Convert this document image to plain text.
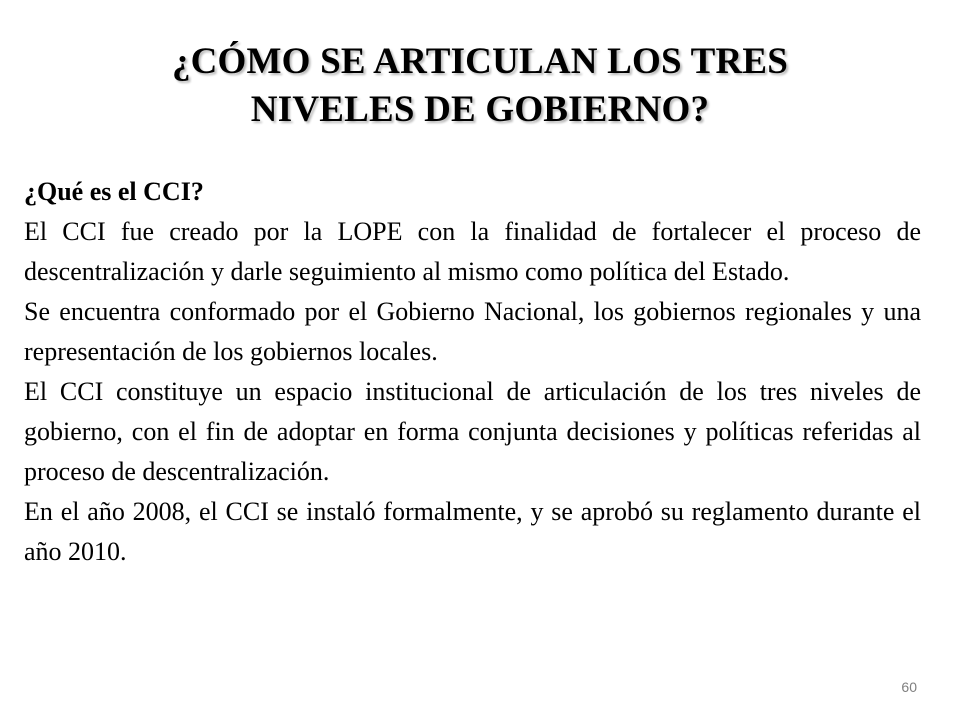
¿CÓMO SE ARTICULAN LOS TRES
NIVELES DE GOBIERNO?

¿Qué es el CCI?

El CCI fue creado por la LOPE con la finalidad de fortalecer el proceso de descentralización y darle seguimiento al mismo como política del Estado.

Se encuentra conformado por el Gobierno Nacional, los gobiernos regionales y una representación de los gobiernos locales.

El CCI constituye un espacio institucional de articulación de los tres niveles de gobierno, con el fin de adoptar en forma conjunta decisiones y políticas referidas al proceso de descentralización.

En el año 2008, el CCI se instaló formalmente, y se aprobó su reglamento durante el año 2010.

60
